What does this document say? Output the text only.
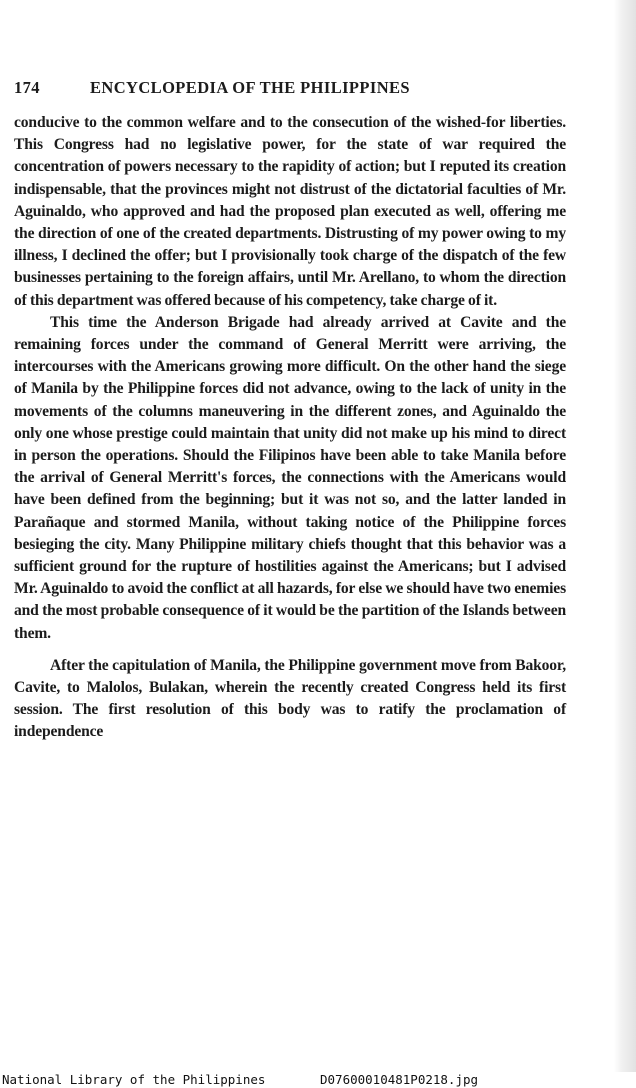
174	ENCYCLOPEDIA OF THE PHILIPPINES

conducive to the common welfare and to the consecution of the wished-for liberties. This Congress had no legislative power, for the state of war required the concentration of powers necessary to the rapidity of action; but I reputed its creation indispensable, that the provinces might not distrust of the dictatorial faculties of Mr. Aguinaldo, who approved and had the proposed plan executed as well, offering me the direction of one of the created departments. Distrusting of my power owing to my illness, I declined the offer; but I provisionally took charge of the dispatch of the few businesses pertaining to the foreign affairs, until Mr. Arellano, to whom the direction of this department was offered because of his competency, take charge of it.

This time the Anderson Brigade had already arrived at Cavite and the remaining forces under the command of General Merritt were arriving, the intercourses with the Americans growing more difficult. On the other hand the siege of Manila by the Philippine forces did not advance, owing to the lack of unity in the movements of the columns maneuvering in the different zones, and Aguinaldo the only one whose prestige could maintain that unity did not make up his mind to direct in person the operations. Should the Filipinos have been able to take Manila before the arrival of General Merritt's forces, the connections with the Americans would have been defined from the beginning; but it was not so, and the latter landed in Parañaque and stormed Manila, without taking notice of the Philippine forces besieging the city. Many Philippine military chiefs thought that this behavior was a sufficient ground for the rupture of hostilities against the Americans; but I advised Mr. Aguinaldo to avoid the conflict at all hazards, for else we should have two enemies and the most probable consequence of it would be the partition of the Islands between them.

After the capitulation of Manila, the Philippine government move from Bakoor, Cavite, to Malolos, Bulakan, wherein the recently created Congress held its first session. The first resolution of this body was to ratify the proclamation of independence

National Library of the Philippines	D07600010481P0218.jpg
